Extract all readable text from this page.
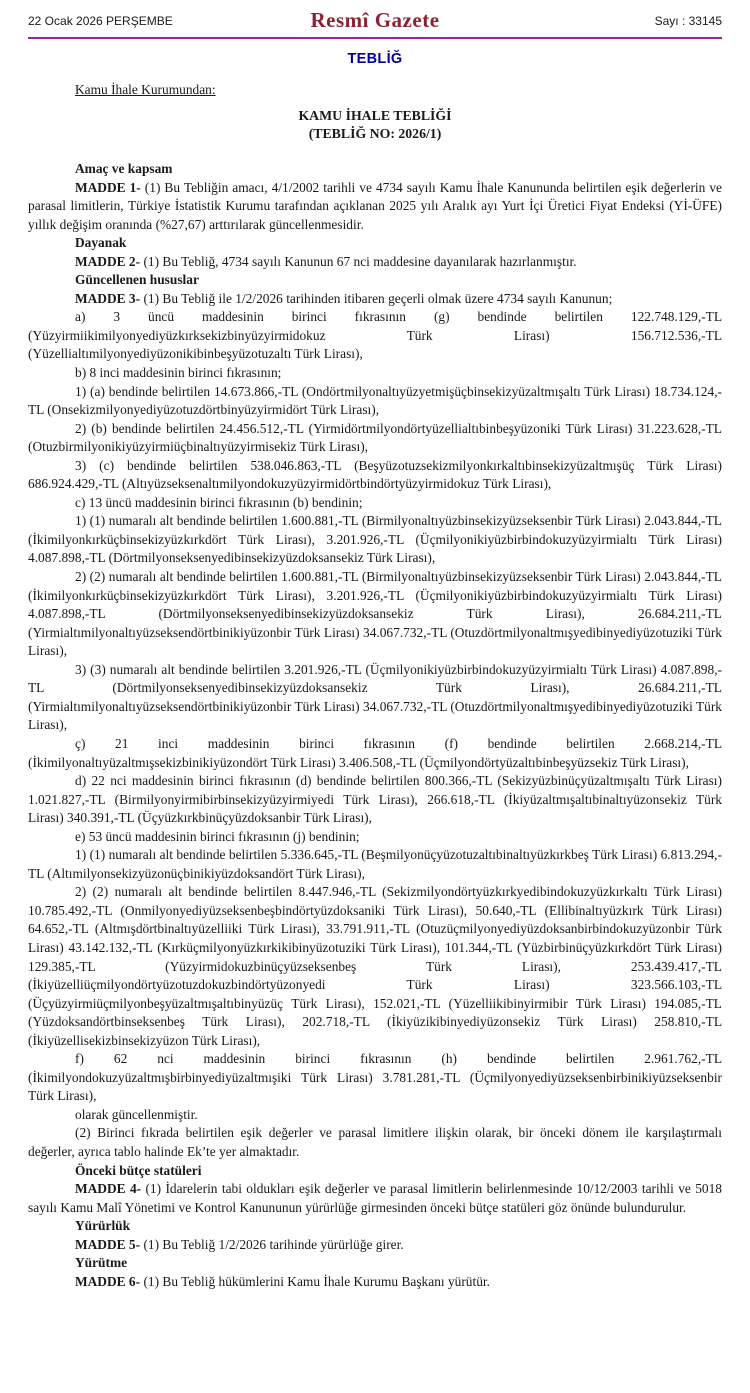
22 Ocak 2026 PERŞEMBE	Resmî Gazete	Sayı : 33145
TEBLİĞ
Kamu İhale Kurumundan:
KAMU İHALE TEBLİĞİ
(TEBLİĞ NO: 2026/1)

Amaç ve kapsam

MADDE 1- (1) Bu Tebliğin amacı, 4/1/2002 tarihli ve 4734 sayılı Kamu İhale Kanununda belirtilen eşik değerlerin ve parasal limitlerin, Türkiye İstatistik Kurumu tarafından açıklanan 2025 yılı Aralık ayı Yurt İçi Üretici Fiyat Endeksi (Yİ-ÜFE) yıllık değişim oranında (%27,67) arttırılarak güncellenmesidir.

Dayanak

MADDE 2- (1) Bu Tebliğ, 4734 sayılı Kanunun 67 nci maddesine dayanılarak hazırlanmıştır.

Güncellenen hususlar

MADDE 3- (1) Bu Tebliğ ile 1/2/2026 tarihinden itibaren geçerli olmak üzere 4734 sayılı Kanunun;

a) 3 üncü maddesinin birinci fıkrasının (g) bendinde belirtilen 122.748.129,-TL (Yüzyirmiikimilyonyediyüzkırksekizbinyüzyirmidokuz Türk Lirası) 156.712.536,-TL (Yüzellialtımilyonyediyüzonikibinbeşyüzotuzaltı Türk Lirası),

b) 8 inci maddesinin birinci fıkrasının;

1) (a) bendinde belirtilen 14.673.866,-TL (Ondörtmilyonaltıyüzyetmişüçbinsekizyüzaltmışaltı Türk Lirası) 18.734.124,-TL (Onsekizmilyonyediyüzotuzdörtbinyüzyirmidört Türk Lirası),

2) (b) bendinde belirtilen 24.456.512,-TL (Yirmidörtmilyondörtyüzellialtıbinbeşyüzoniki Türk Lirası) 31.223.628,-TL (Otuzbirmilyonikiyüzyirmiüçbinaltıyüzyirmisekiz Türk Lirası),

3) (c) bendinde belirtilen 538.046.863,-TL (Beşyüzotuzsekizmilyonkırkaltıbinsekizyüzaltmışüç Türk Lirası) 686.924.429,-TL (Altıyüzseksenaltımilyondokuzyüzyirmidörtbindörtyüzyirmidokuz Türk Lirası),

c) 13 üncü maddesinin birinci fıkrasının (b) bendinin;

1) (1) numaralı alt bendinde belirtilen 1.600.881,-TL (Birmilyonaltıyüzbinsekizyüzseksenbir Türk Lirası) 2.043.844,-TL (İkimilyonkırküçbinsekizyüzkırkdört Türk Lirası), 3.201.926,-TL (Üçmilyonikiyüzbirbindokuzyüzyirmialtı Türk Lirası) 4.087.898,-TL (Dörtmilyonseksenyedibinsekizyüzdoksansekiz Türk Lirası),

2) (2) numaralı alt bendinde belirtilen 1.600.881,-TL (Birmilyonaltıyüzbinsekizyüzseksenbir Türk Lirası) 2.043.844,-TL (İkimilyonkırküçbinsekizyüzkırkdört Türk Lirası), 3.201.926,-TL (Üçmilyonikiyüzbirbindokuzyüzyirmialtı Türk Lirası) 4.087.898,-TL (Dörtmilyonseksenyedibinsekizyüzdoksansekiz Türk Lirası), 26.684.211,-TL (Yirmialtımilyonaltıyüzseksendörtbinikiyüzonbir Türk Lirası) 34.067.732,-TL (Otuzdörtmilyonaltmışyedibinyediyüzotuziki Türk Lirası),

3) (3) numaralı alt bendinde belirtilen 3.201.926,-TL (Üçmilyonikiyüzbirbindokuzyüzyirmialtı Türk Lirası) 4.087.898,-TL (Dörtmilyonseksenyedibinsekizyüzdoksansekiz Türk Lirası), 26.684.211,-TL (Yirmialtımilyonaltıyüzseksendörtbinikiyüzonbir Türk Lirası) 34.067.732,-TL (Otuzdörtmilyonaltmışyedibinyediyüzotuziki Türk Lirası),

ç) 21 inci maddesinin birinci fıkrasının (f) bendinde belirtilen 2.668.214,-TL (İkimilyonaltıyüzaltmışsekizbinikiyüzondört Türk Lirası) 3.406.508,-TL (Üçmilyondörtyüzaltıbinbeşyüzsekiz Türk Lirası),

d) 22 nci maddesinin birinci fıkrasının (d) bendinde belirtilen 800.366,-TL (Sekizyüzbinüçyüzaltmışaltı Türk Lirası) 1.021.827,-TL (Birmilyonyirmibirbinsekizyüzyirmiyedi Türk Lirası), 266.618,-TL (İkiyüzaltmışaltıbinaltıyüzonsekiz Türk Lirası) 340.391,-TL (Üçyüzkırkbinüçyüzdoksanbir Türk Lirası),

e) 53 üncü maddesinin birinci fıkrasının (j) bendinin;

1) (1) numaralı alt bendinde belirtilen 5.336.645,-TL (Beşmilyonüçyüzotuzaltıbinaltıyüzkırkbeş Türk Lirası) 6.813.294,-TL (Altımilyonsekizyüzonüçbinikiyüzdoksandört Türk Lirası),

2) (2) numaralı alt bendinde belirtilen 8.447.946,-TL (Sekizmilyondörtyüzkırkyedibindokuzyüzkırkaltı Türk Lirası) 10.785.492,-TL (Onmilyonyediyüzseksenbeşbindörtyüzdoksaniki Türk Lirası), 50.640,-TL (Ellibinaltıyüzkırk Türk Lirası) 64.652,-TL (Altmışdörtbinaltıyüzelliiki Türk Lirası), 33.791.911,-TL (Otuzüçmilyonyediyüzdoksanbirbindokuzyüzonbir Türk Lirası) 43.142.132,-TL (Kırküçmilyonyüzkırkikibinyüzotuziki Türk Lirası), 101.344,-TL (Yüzbirbinüçyüzkırkdört Türk Lirası) 129.385,-TL (Yüzyirmidokuzbinüçyüzseksenbeş Türk Lirası), 253.439.417,-TL (İkiyüzelliüçmilyondörtyüzotuzdokuzbindörtyüzonyedi Türk Lirası) 323.566.103,-TL (Üçyüzyirmiüçmilyonbeşyüzaltmışaltıbinyüzüç Türk Lirası), 152.021,-TL (Yüzelliikibinyirmibir Türk Lirası) 194.085,-TL (Yüzdoksandörtbinseksenbeş Türk Lirası), 202.718,-TL (İkiyüzikibinyediyüzonsekiz Türk Lirası) 258.810,-TL (İkiyüzellisekizbinsekizyüzon Türk Lirası),

f) 62 nci maddesinin birinci fıkrasının (h) bendinde belirtilen 2.961.762,-TL (İkimilyondokuzyüzaltmışbirbinyediyüzaltmışiki Türk Lirası) 3.781.281,-TL (Üçmilyonyediyüzseksenbirbinikiyüzseksenbir Türk Lirası),

olarak güncellenmiştir.

(2) Birinci fıkrada belirtilen eşik değerler ve parasal limitlere ilişkin olarak, bir önceki dönem ile karşılaştırmalı değerler, ayrıca tablo halinde Ek’te yer almaktadır.

Önceki bütçe statüleri

MADDE 4- (1) İdarelerin tabi oldukları eşik değerler ve parasal limitlerin belirlenmesinde 10/12/2003 tarihli ve 5018 sayılı Kamu Malî Yönetimi ve Kontrol Kanununun yürürlüğe girmesinden önceki bütçe statüleri göz önünde bulundurulur.

Yürürlük

MADDE 5- (1) Bu Tebliğ 1/2/2026 tarihinde yürürlüğe girer.

Yürütme

MADDE 6- (1) Bu Tebliğ hükümlerini Kamu İhale Kurumu Başkanı yürütür.
